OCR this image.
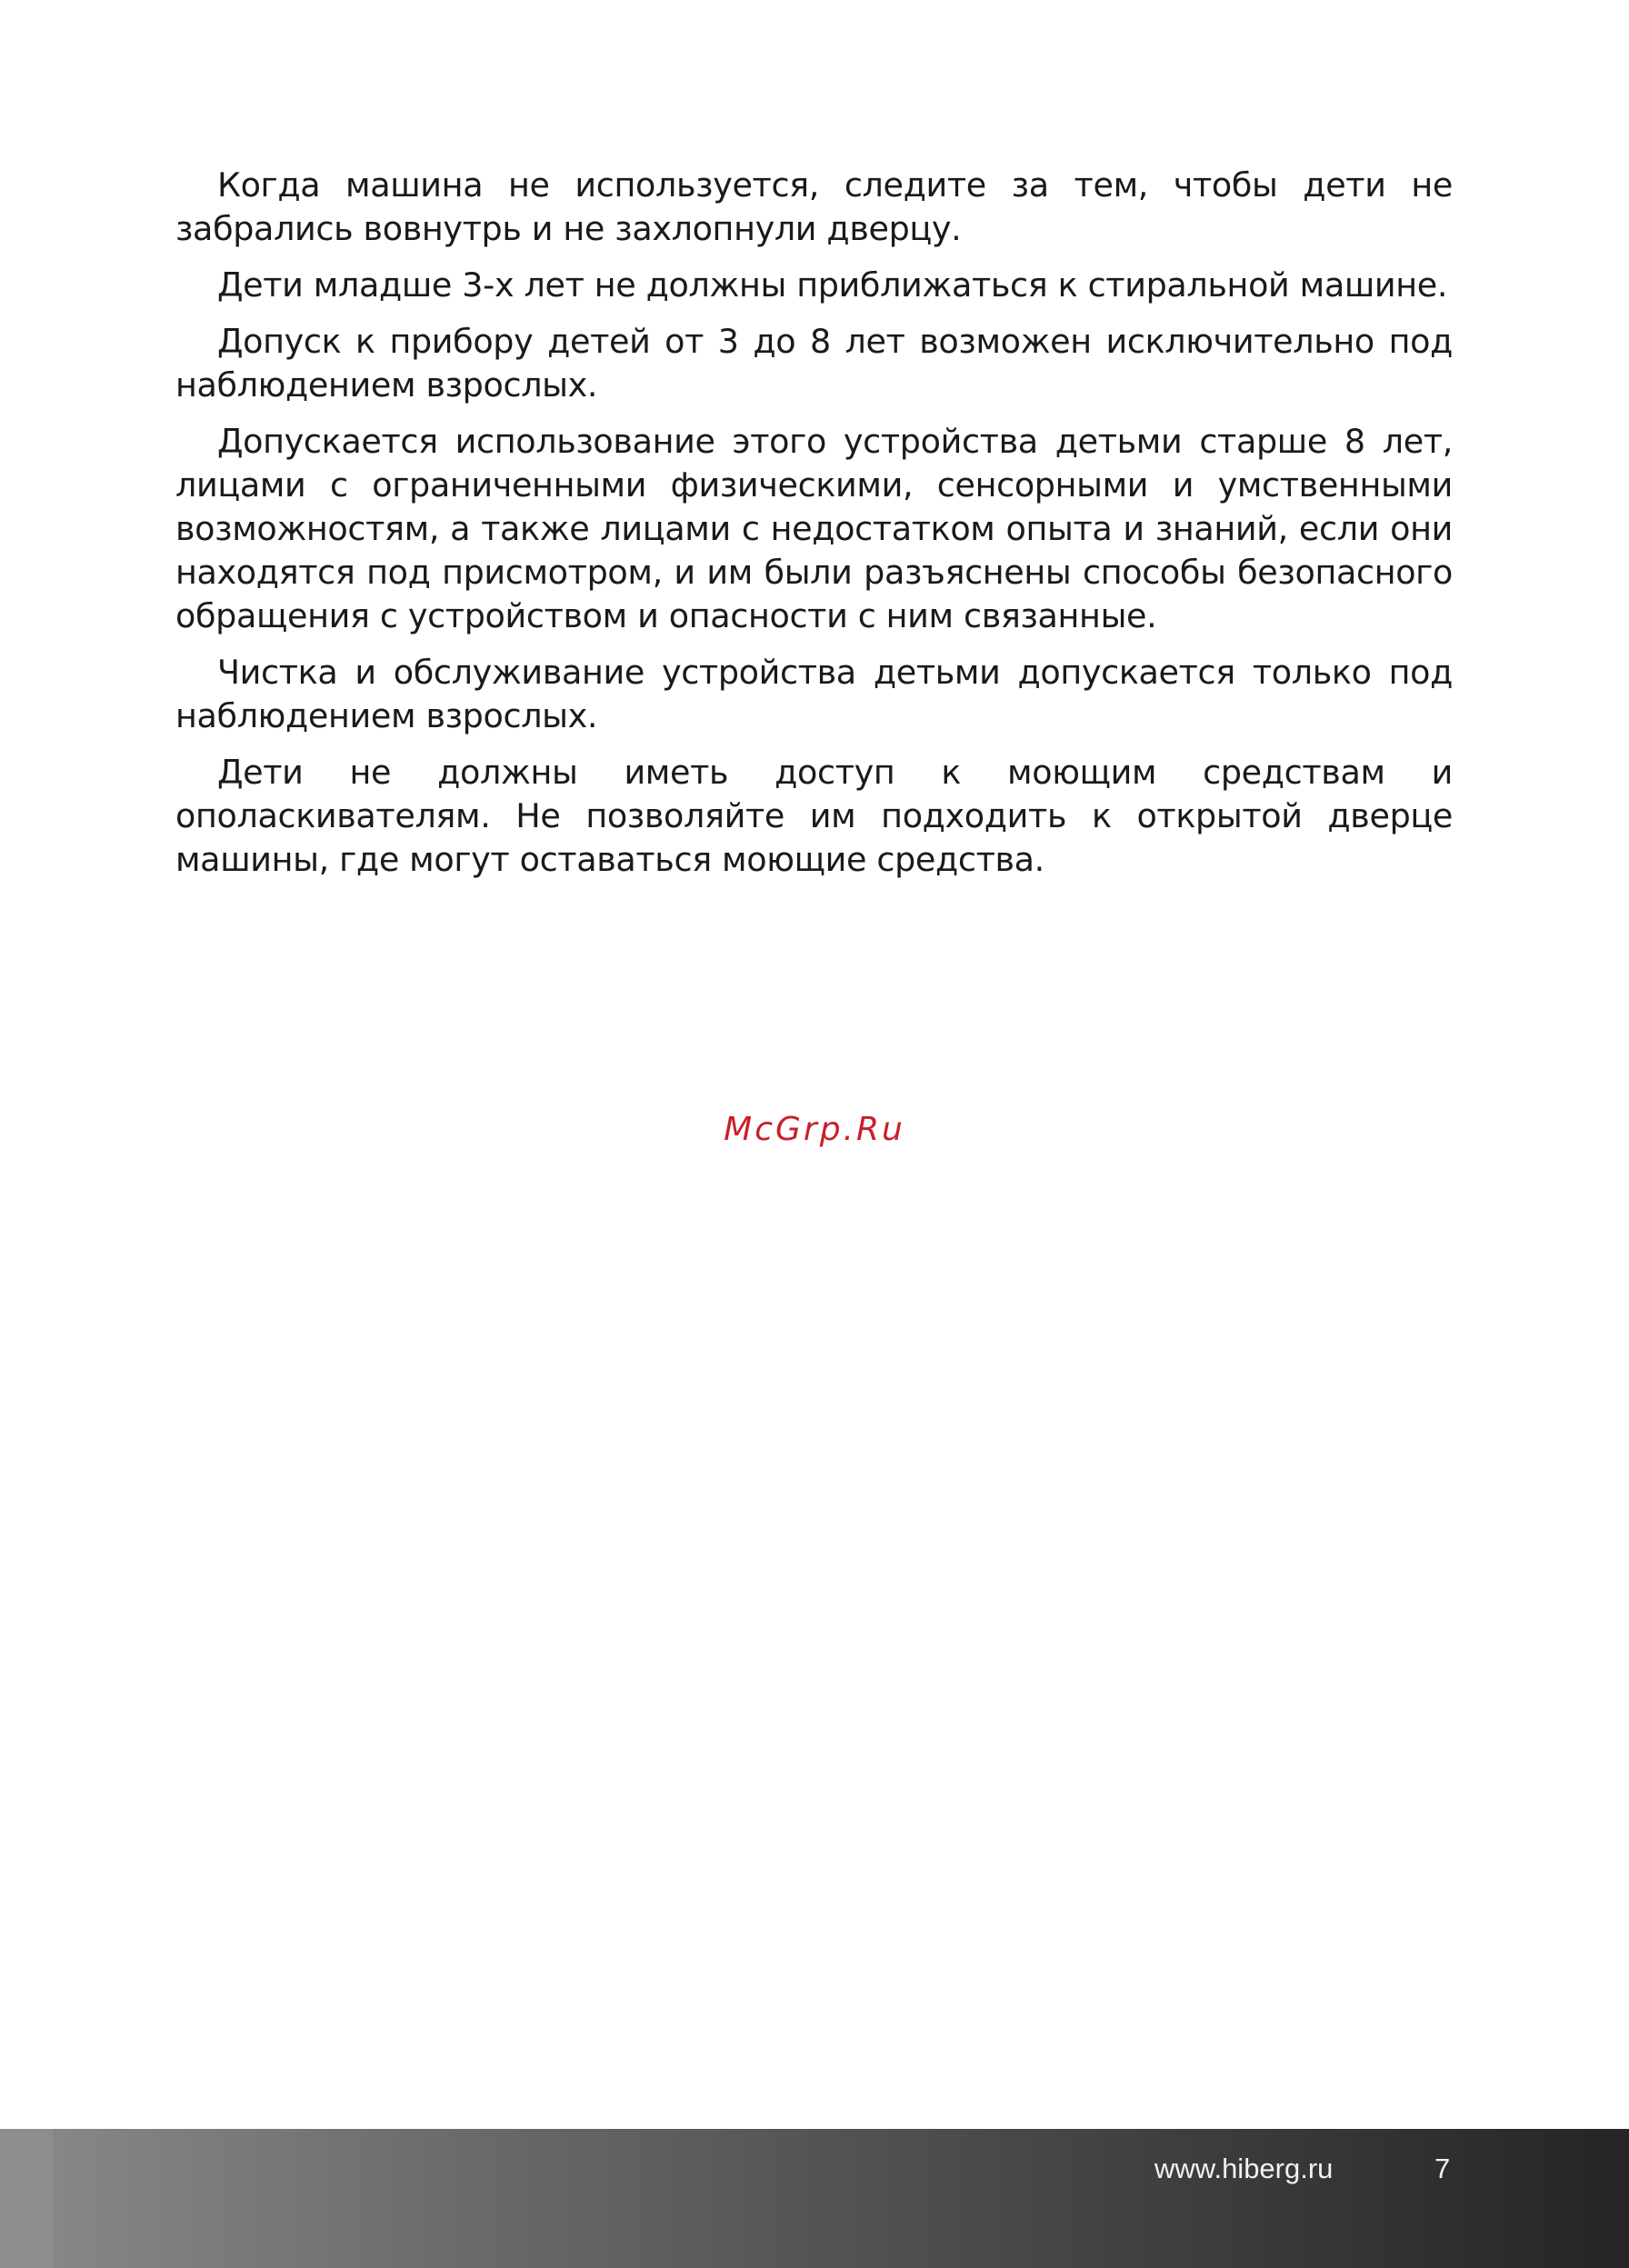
Когда машина не используется, следите за тем, чтобы дети не забрались вовнутрь и не захлопнули дверцу.

Дети младше 3-х лет не должны приближаться к стиральной машине.

Допуск к прибору детей от 3 до 8 лет возможен исключительно под наблюдением взрослых.

Допускается использование этого устройства детьми старше 8 лет, лицами с ограниченными физическими, сенсорными и умственными возможностям, а также лицами с недостатком опыта и знаний, если они находятся под присмотром, и им были разъяснены способы безопасного обращения с устройством и опасности с ним связанные.

Чистка и обслуживание устройства детьми допускается только под наблюдением взрослых.

Дети не должны иметь доступ к моющим средствам и ополаскивателям. Не позволяйте им подходить к открытой дверце машины, где могут оставаться моющие средства.

McGrp.Ru
www.hiberg.ru	7
